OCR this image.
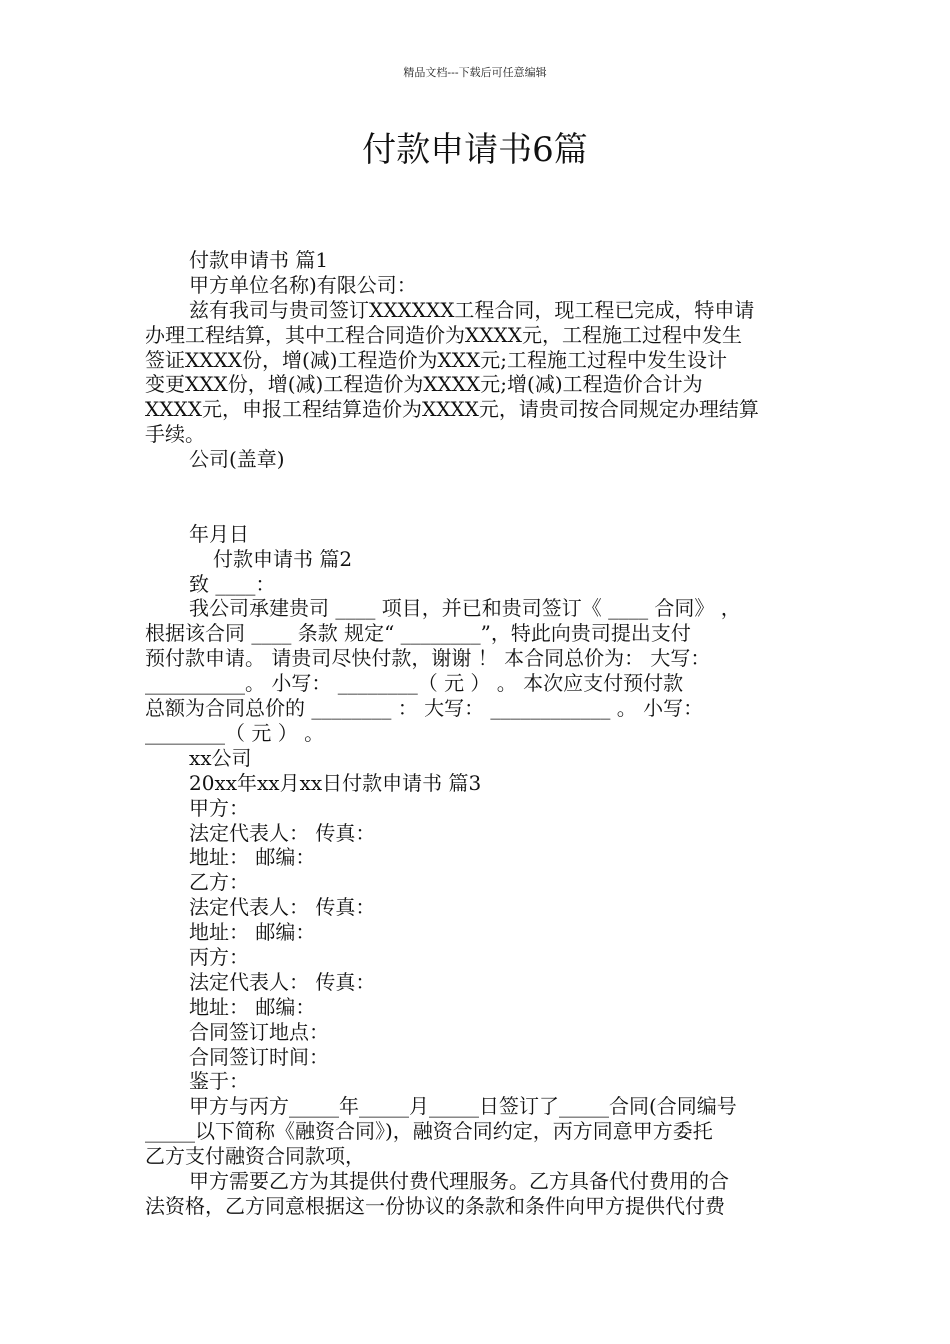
精品文档---下载后可任意编辑
付款申请书6篇
付款申请书 篇1
甲方单位名称)有限公司：
兹有我司与贵司签订XXXXXX工程合同，现工程已完成，特申请
办理工程结算，其中工程合同造价为XXXX元，工程施工过程中发生
签证XXXX份，增(减)工程造价为XXX元;工程施工过程中发生设计
变更XXX份，增(减)工程造价为XXXX元;增(减)工程造价合计为
XXXX元，申报工程结算造价为XXXX元，请贵司按合同规定办理结算
手续。
公司(盖章)
年月日
付款申请书 篇2
致 ____：
我公司承建贵司 ____ 项目，并已和贵司签订《 ____ 合同》 ，
根据该合同 ____ 条款 规定“ ________”，特此向贵司提出支付
预付款申请。 请贵司尽快付款，谢谢 ！ 本合同总价为： 大写：
__________。 小写： ________（ 元 ） 。 本次应支付预付款
总额为合同总价的 ________ ： 大写： ____________ 。 小写：
________（ 元 ） 。
xx公司
20xx年xx月xx日付款申请书 篇3
甲方：
法定代表人： 传真：
地址： 邮编：
乙方：
法定代表人： 传真：
地址： 邮编：
丙方：
法定代表人： 传真：
地址： 邮编：
合同签订地点：
合同签订时间：
鉴于：
甲方与丙方_____年_____月_____日签订了_____合同(合同编号
_____以下简称《融资合同》)，融资合同约定，丙方同意甲方委托
乙方支付融资合同款项，
甲方需要乙方为其提供付费代理服务。乙方具备代付费用的合
法资格，乙方同意根据这一份协议的条款和条件向甲方提供代付费
